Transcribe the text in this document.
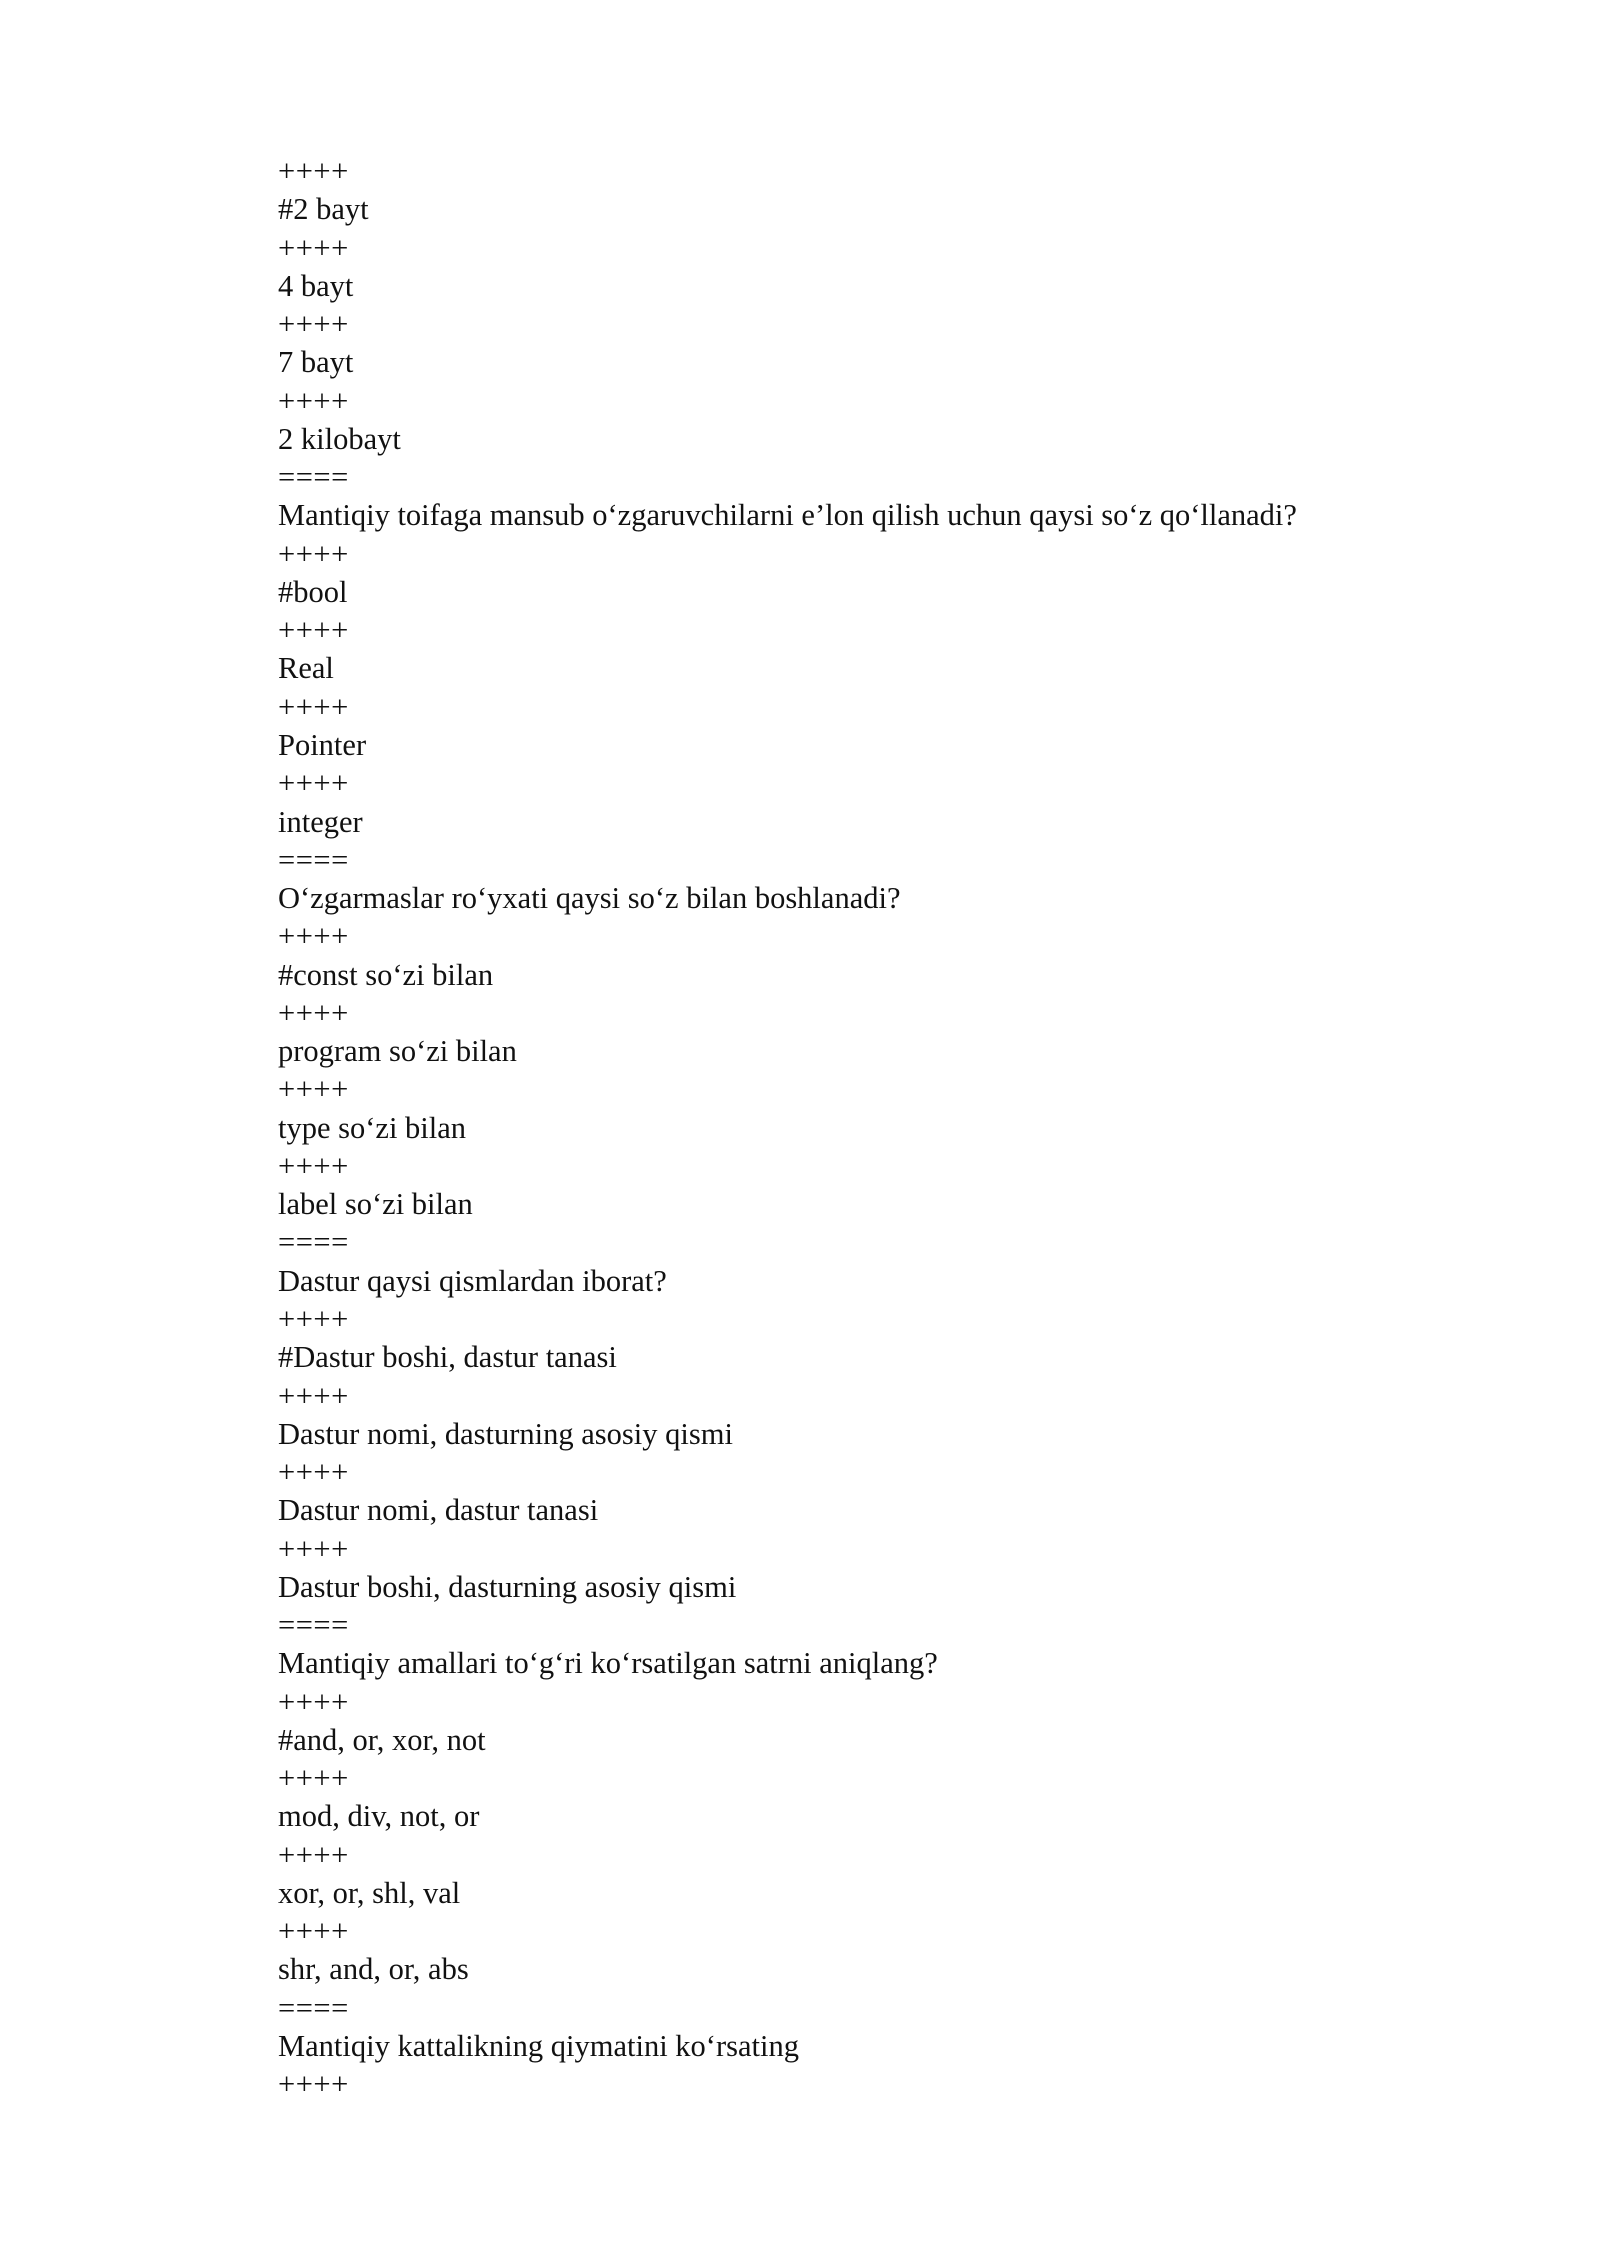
++++
#2 bayt
++++
4 bayt
++++
7 bayt
++++
2 kilobayt
====
Mantiqiy toifaga mansub o‘zgaruvchilarni e’lon qilish uchun qaysi so‘z qo‘llanadi?
++++
#bool
++++
Real
++++
Pointer
++++
integer
====
O‘zgarmaslar ro‘yxati qaysi so‘z bilan boshlanadi?
++++
#const so‘zi bilan
++++
program so‘zi bilan
++++
type so‘zi bilan
++++
label so‘zi bilan
====
Dastur qaysi qismlardan iborat?
++++
#Dastur boshi, dastur tanasi
++++
Dastur nomi, dasturning asosiy qismi
++++
Dastur nomi, dastur tanasi
++++
Dastur boshi, dasturning asosiy qismi
====
Mantiqiy amallari to‘g‘ri ko‘rsatilgan satrni aniqlang?
++++
#and, or, xor, not
++++
mod, div, not, or
++++
xor, or, shl, val
++++
shr, and, or, abs
====
Mantiqiy kattalikning qiymatini ko‘rsating
++++
